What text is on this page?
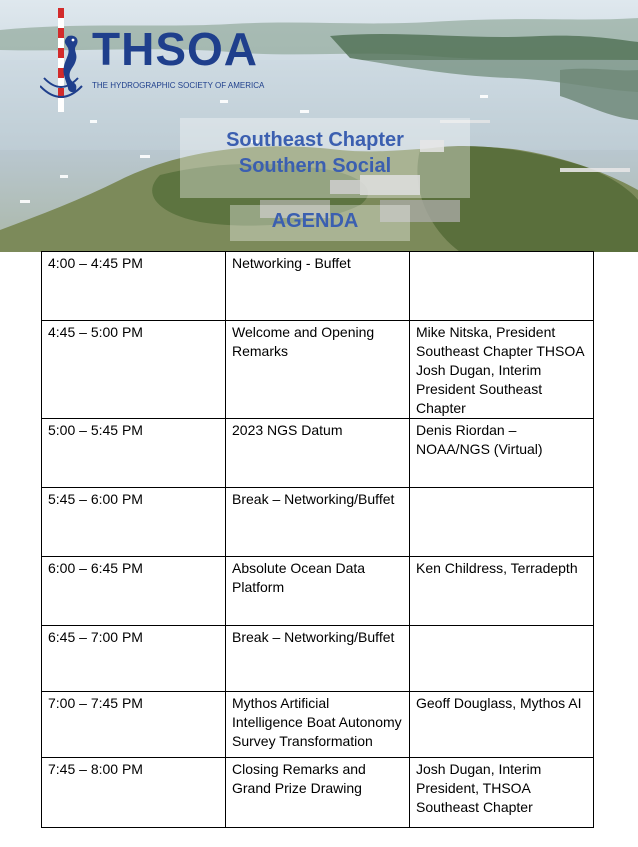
THSOA
THE HYDROGRAPHIC SOCIETY OF AMERICA
Southeast Chapter
Southern Social
AGENDA
4:00 – 4:45 PM	Networking - Buffet	
4:45 – 5:00 PM	Welcome and Opening Remarks	Mike Nitska, President Southeast Chapter THSOA Josh Dugan, Interim President Southeast Chapter
5:00 – 5:45 PM	2023 NGS Datum	Denis Riordan – NOAA/NGS (Virtual)
5:45 – 6:00 PM	Break – Networking/Buffet	
6:00 – 6:45 PM	Absolute Ocean Data Platform	Ken Childress, Terradepth
6:45 – 7:00 PM	Break – Networking/Buffet	
7:00 – 7:45 PM	Mythos Artificial Intelligence Boat Autonomy Survey Transformation	Geoff Douglass, Mythos AI
7:45 – 8:00 PM	Closing Remarks and Grand Prize Drawing	Josh Dugan, Interim President, THSOA Southeast Chapter
